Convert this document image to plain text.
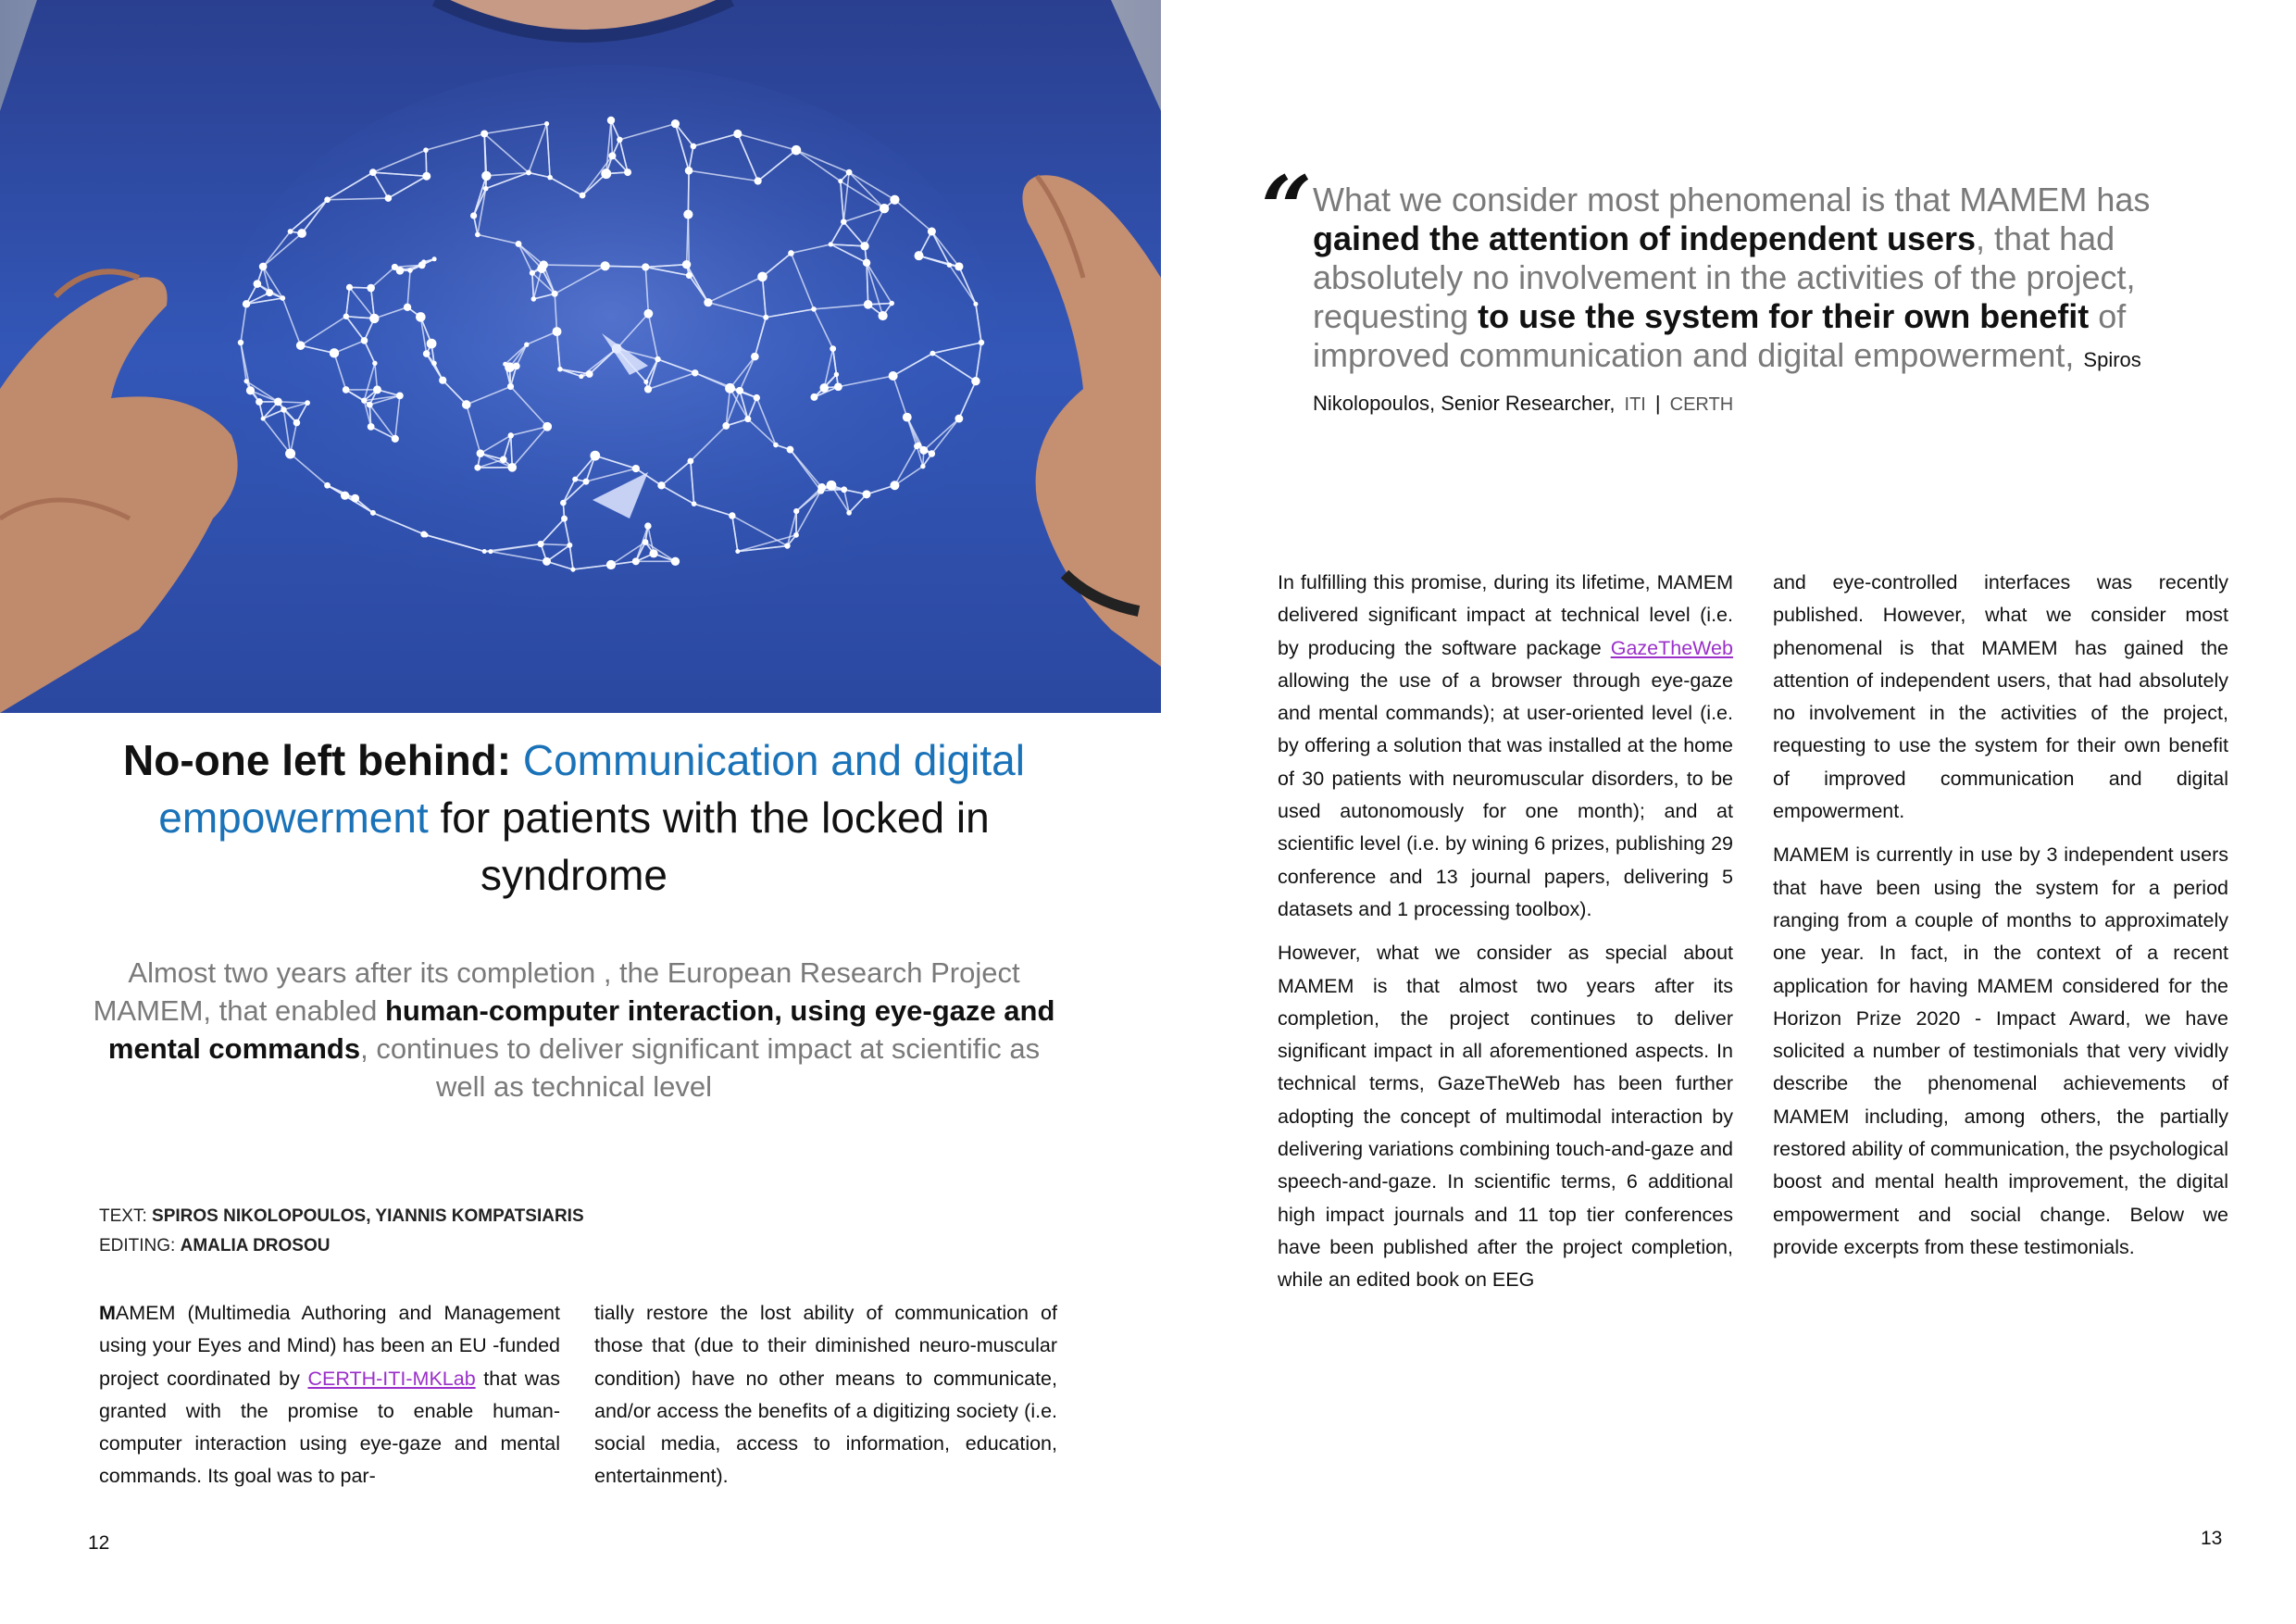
No-one left behind: Communication and digital empowerment for patients with the locked in syndrome
Almost two years after its completion , the European Research Project MAMEM, that enabled human-computer interaction, using eye-gaze and mental commands, continues to deliver significant impact at scientific as well as technical level
TEXT: SPIROS NIKOLOPOULOS, YIANNIS KOMPATSIARIS
EDITING: AMALIA DROSOU

MAMEM (Multimedia Authoring and Management using your Eyes and Mind) has been an EU -funded project coordinated by CERTH-ITI-MKLab that was granted with the promise to enable human-computer interaction using eye-gaze and mental commands. Its goal was to par-

tially restore the lost ability of communication of those that (due to their diminished neuro-muscular condition) have no other means to communicate, and/or access the benefits of a digitizing society (i.e. social media, access to information, education, entertainment).

“ What we consider most phenomenal is that MAMEM has gained the attention of independent users, that had absolutely no involvement in the activities of the project, requesting to use the system for their own benefit of improved communication and digital empowerment, Spiros Nikolopoulos, Senior Researcher, ITI | CERTH

In fulfilling this promise, during its lifetime, MAMEM delivered significant impact at technical level (i.e. by producing the software package GazeTheWeb allowing the use of a browser through eye-gaze and mental commands); at user-oriented level (i.e. by offering a solution that was installed at the home of 30 patients with neuromuscular disorders, to be used autonomously for one month); and at scientific level (i.e. by wining 6 prizes, publishing 29 conference and 13 journal papers, delivering 5 datasets and 1 processing toolbox).

However, what we consider as special about MAMEM is that almost two years after its completion, the project continues to deliver significant impact in all aforementioned aspects. In technical terms, GazeTheWeb has been further adopting the concept of multimodal interaction by delivering variations combining touch-and-gaze and speech-and-gaze. In scientific terms, 6 additional high impact journals and 11 top tier conferences have been published after the project completion, while an edited book on EEG

and eye-controlled interfaces was recently published. However, what we consider most phenomenal is that MAMEM has gained the attention of independent users, that had absolutely no involvement in the activities of the project, requesting to use the system for their own benefit of improved communication and digital empowerment.

MAMEM is currently in use by 3 independent users that have been using the system for a period ranging from a couple of months to approximately one year. In fact, in the context of a recent application for having MAMEM considered for the Horizon Prize 2020 - Impact Award, we have solicited a number of testimonials that very vividly describe the phenomenal achievements of MAMEM including, among others, the partially restored ability of communication, the psychological boost and mental health improvement, the digital empowerment and social change. Below we provide excerpts from these testimonials.

12	13
